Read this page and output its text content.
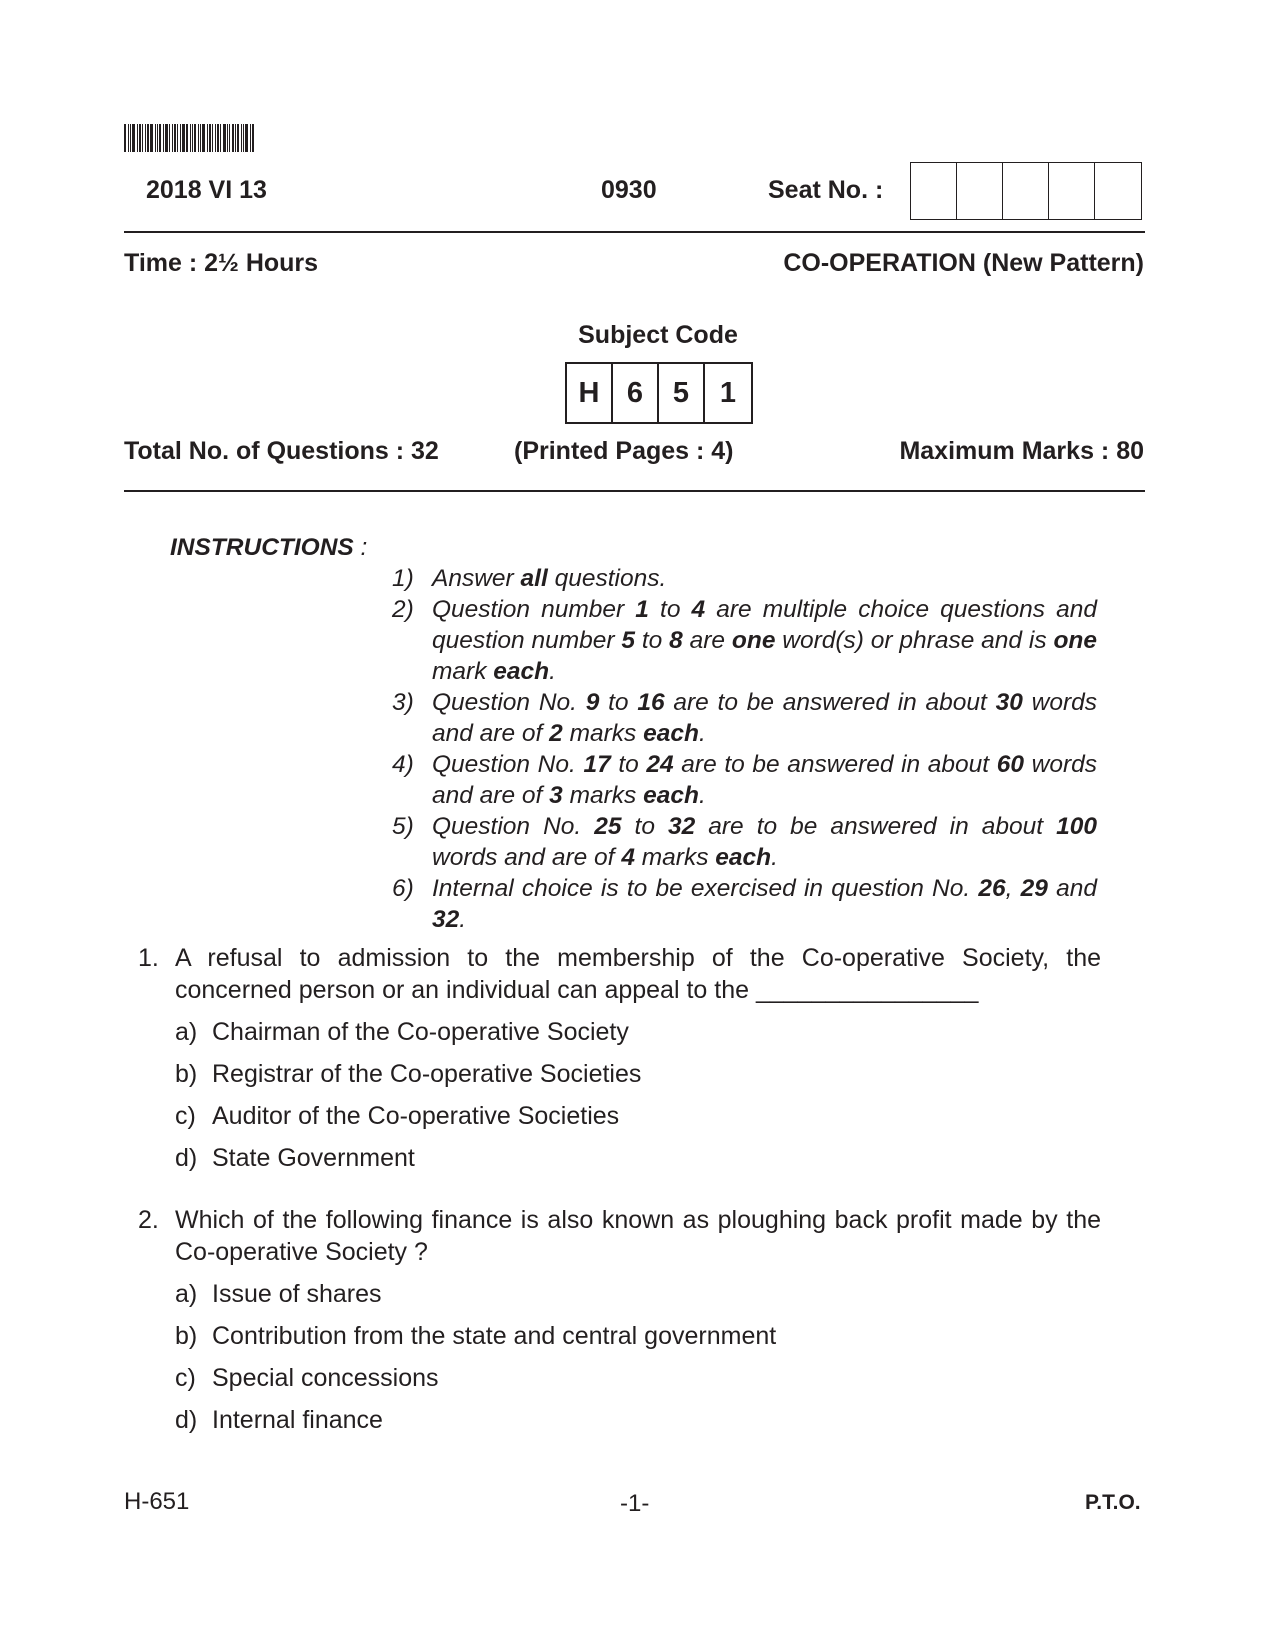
2018 VI 13	0930	Seat No. :
Time : 2½ Hours	CO-OPERATION (New Pattern)
Subject Code
H 6	5	1
Total No. of Questions : 32	(Printed Pages : 4)	Maximum Marks : 80
INSTRUCTIONS :
1) Answer all questions.
2) Question number 1 to 4 are multiple choice questions and question number 5 to 8 are one word(s) or phrase and is one mark each.
3) Question No. 9 to 16 are to be answered in about 30 words and are of 2 marks each.
4) Question No. 17 to 24 are to be answered in about 60 words and are of 3 marks each.
5) Question No. 25 to 32 are to be answered in about 100 words and are of 4 marks each.
6) Internal choice is to be exercised in question No. 26, 29 and 32.
1. A refusal to admission to the membership of the Co-operative Society, the concerned person or an individual can appeal to the ________________
a) Chairman of the Co-operative Society
b) Registrar of the Co-operative Societies
c) Auditor of the Co-operative Societies
d) State Government
2. Which of the following finance is also known as ploughing back profit made by the Co-operative Society ?
a) Issue of shares
b) Contribution from the state and central government
c) Special concessions
d) Internal finance
H-651	-1-	P.T.O.
